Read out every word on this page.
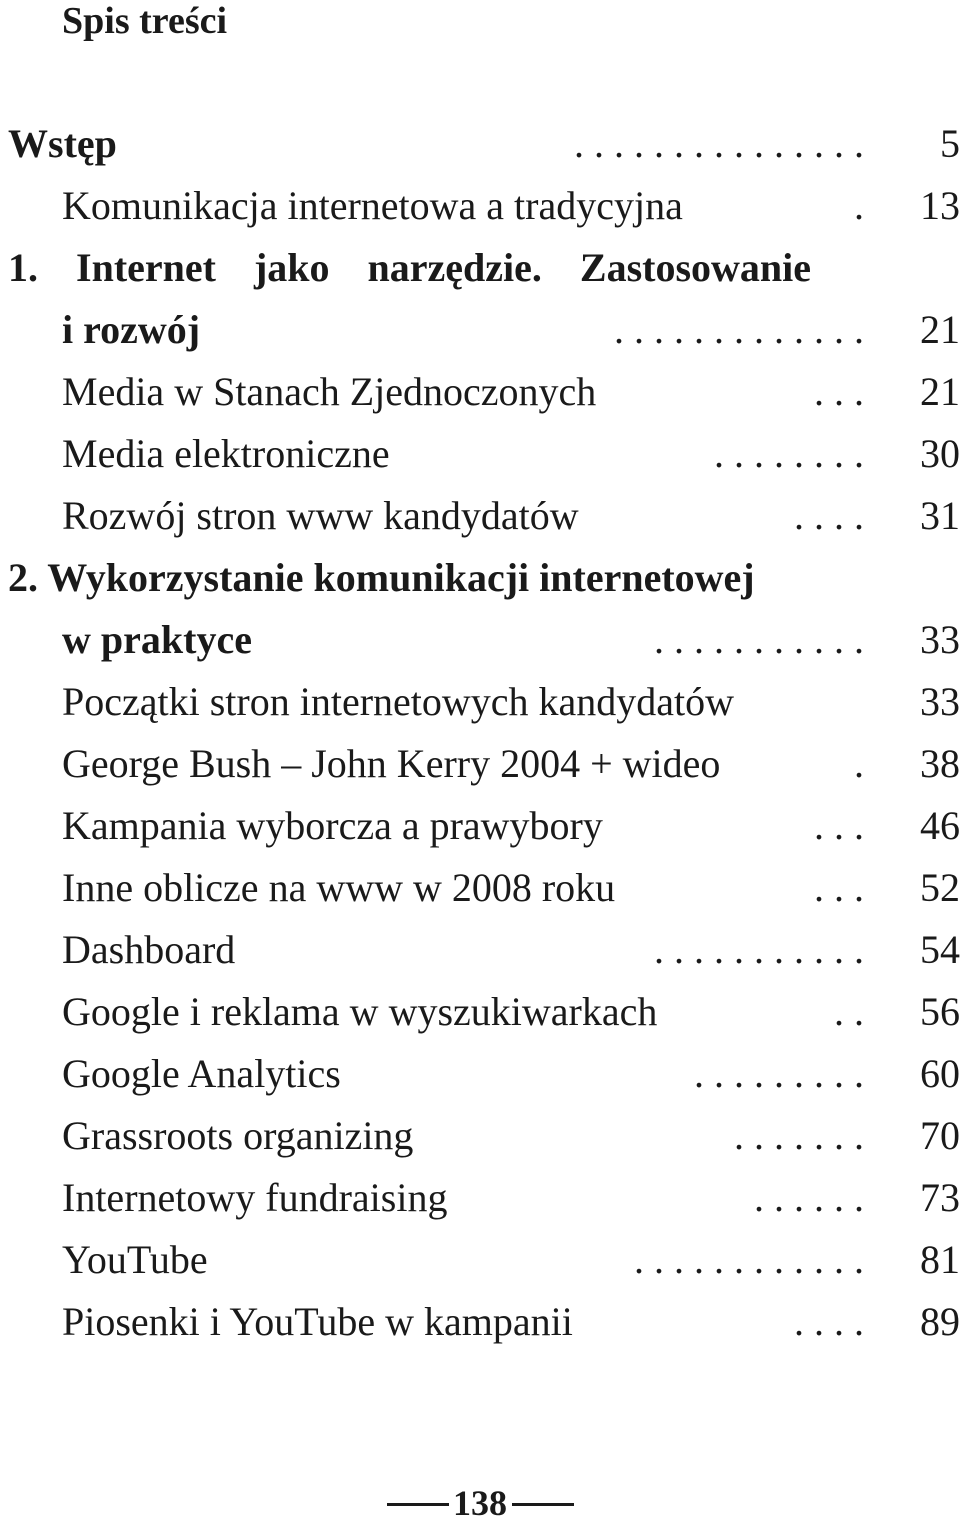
Spis treści
Wstęp	. . . . . . . . . . . . . . .	5
Komunikacja internetowa a tradycyjna	.	13
1. Internet jako narzędzie. Zastosowanie
i rozwój	. . . . . . . . . . . . .	21
Media w Stanach Zjednoczonych	. . .	21
Media elektroniczne	. . . . . . . .	30
Rozwój stron www kandydatów	. . . .	31
2. Wykorzystanie komunikacji internetowej
w praktyce	. . . . . . . . . . .	33
Początki stron internetowych kandydatów	33
George Bush – John Kerry 2004 + wideo	.	38
Kampania wyborcza a prawybory	. . .	46
Inne oblicze na www w 2008 roku	. . .	52
Dashboard	. . . . . . . . . . .	54
Google i reklama w wyszukiwarkach	. .	56
Google Analytics	. . . . . . . . .	60
Grassroots organizing	. . . . . . .	70
Internetowy fundraising	. . . . . .	73
YouTube	. . . . . . . . . . . .	81
Piosenki i YouTube w kampanii	. . . .	89
138
